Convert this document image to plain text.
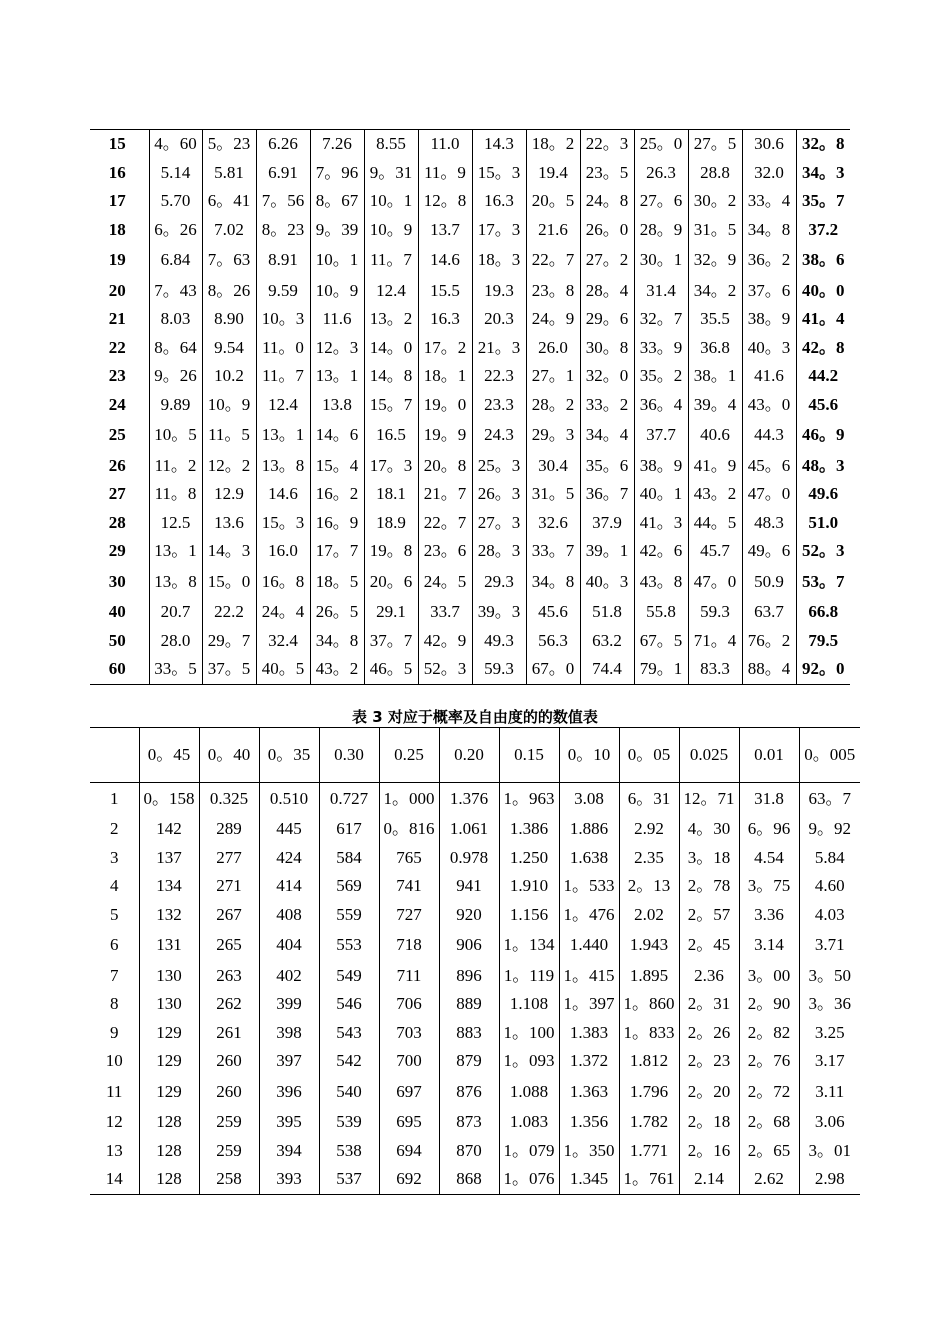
15	4。60	5。23	6.26	7.26	8.55	11.0	14.3	18。2	22。3	25。0	27。5	30.6	32。8
16	5.14	5.81	6.91	7。96	9。31	11。9	15。3	19.4	23。5	26.3	28.8	32.0	34。3
17	5.70	6。41	7。56	8。67	10。1	12。8	16.3	20。5	24。8	27。6	30。2	33。4	35。7
18	6。26	7.02	8。23	9。39	10。9	13.7	17。3	21.6	26。0	28。9	31。5	34。8	37.2
19	6.84	7。63	8.91	10。1	11。7	14.6	18。3	22。7	27。2	30。1	32。9	36。2	38。6
20	7。43	8。26	9.59	10。9	12.4	15.5	19.3	23。8	28。4	31.4	34。2	37。6	40。0
21	8.03	8.90	10。3	11.6	13。2	16.3	20.3	24。9	29。6	32。7	35.5	38。9	41。4
22	8。64	9.54	11。0	12。3	14。0	17。2	21。3	26.0	30。8	33。9	36.8	40。3	42。8
23	9。26	10.2	11。7	13。1	14。8	18。1	22.3	27。1	32。0	35。2	38。1	41.6	44.2
24	9.89	10。9	12.4	13.8	15。7	19。0	23.3	28。2	33。2	36。4	39。4	43。0	45.6
25	10。5	11。5	13。1	14。6	16.5	19。9	24.3	29。3	34。4	37.7	40.6	44.3	46。9
26	11。2	12。2	13。8	15。4	17。3	20。8	25。3	30.4	35。6	38。9	41。9	45。6	48。3
27	11。8	12.9	14.6	16。2	18.1	21。7	26。3	31。5	36。7	40。1	43。2	47。0	49.6
28	12.5	13.6	15。3	16。9	18.9	22。7	27。3	32.6	37.9	41。3	44。5	48.3	51.0
29	13。1	14。3	16.0	17。7	19。8	23。6	28。3	33。7	39。1	42。6	45.7	49。6	52。3
30	13。8	15。0	16。8	18。5	20。6	24。5	29.3	34。8	40。3	43。8	47。0	50.9	53。7
40	20.7	22.2	24。4	26。5	29.1	33.7	39。3	45.6	51.8	55.8	59.3	63.7	66.8
50	28.0	29。7	32.4	34。8	37。7	42。9	49.3	56.3	63.2	67。5	71。4	76。2	79.5
60	33。5	37。5	40。5	43。2	46。5	52。3	59.3	67。0	74.4	79。1	83.3	88。4	92。0
表 3 对应于概率及自由度的的数值表
	0。45	0。40	0。35	0.30	0.25	0.20	0.15	0。10	0。05	0.025	0.01	0。005
1	0。158	0.325	0.510	0.727	1。000	1.376	1。963	3.08	6。31	12。71	31.8	63。7
2	142	289	445	617	0。816	1.061	1.386	1.886	2.92	4。30	6。96	9。92
3	137	277	424	584	765	0.978	1.250	1.638	2.35	3。18	4.54	5.84
4	134	271	414	569	741	941	1.910	1。533	2。13	2。78	3。75	4.60
5	132	267	408	559	727	920	1.156	1。476	2.02	2。57	3.36	4.03
6	131	265	404	553	718	906	1。134	1.440	1.943	2。45	3.14	3.71
7	130	263	402	549	711	896	1。119	1。415	1.895	2.36	3。00	3。50
8	130	262	399	546	706	889	1.108	1。397	1。860	2。31	2。90	3。36
9	129	261	398	543	703	883	1。100	1.383	1。833	2。26	2。82	3.25
10	129	260	397	542	700	879	1。093	1.372	1.812	2。23	2。76	3.17
11	129	260	396	540	697	876	1.088	1.363	1.796	2。20	2。72	3.11
12	128	259	395	539	695	873	1.083	1.356	1.782	2。18	2。68	3.06
13	128	259	394	538	694	870	1。079	1。350	1.771	2。16	2。65	3。01
14	128	258	393	537	692	868	1。076	1.345	1。761	2.14	2.62	2.98
